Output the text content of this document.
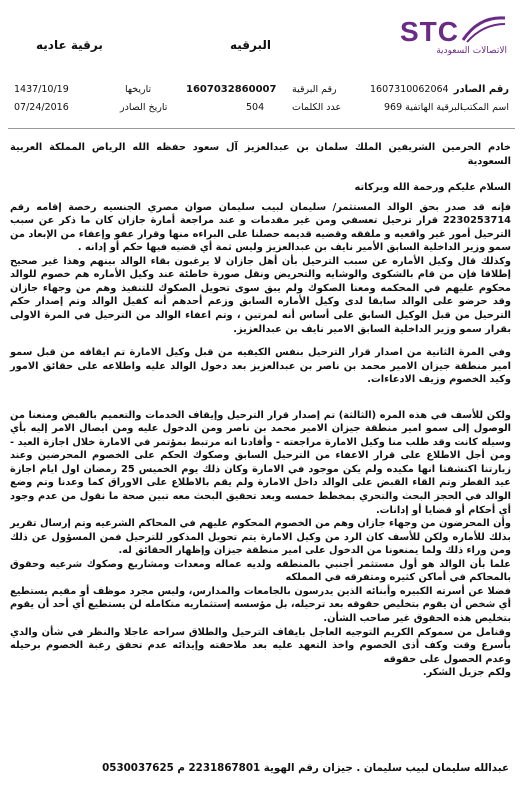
STC
الاتصالات السعودية
البرقيه
برقية عاديه
رقم الصادر
اسم المكتب
1607310062064
البرقية الهاتفية 969
رقم البرقية
عدد الكلمات
1607032860007
504
تاريخها
تاريخ الصادر
1437/10/19
07/24/2016

خادم الحرمين الشريفين الملك سلمان بن عبدالعزيز آل سعود حفظه الله الرياض المملكة العربية السعودية

السلام عليكم ورحمة الله وبركاته

فإنه قد صدر بحق الوالد المستثمر/ سليمان لبيب سليمان صوان مصري الجنسيه رخصة إقامه رقم 2230253714 قرار ترحيل تعسفي ومن غير مقدمات و عند مراجعة أمارة جازان كان ما ذكر عن سبب الترحيل أمور غير واقعيه و ملفقه وقضيه قديمه حصلنا على البراءه منها وقرار عفو وإعفاء من الإبعاد من سمو وزير الداخلية السابق الأمير نايف بن عبدالعزيز وليس ثمة أي قضيه فيها حكم أو إدانه .

وكذلك قال وكيل الأماره عن سبب الترحيل بأن أهل جازان لا يرغبون بقاء الوالد بينهم وهذا غير صحيح إطلاقا فإن من قام بالشكوى والوشايه والتحريض ونقل صورة خاطئة عند وكيل الأماره هم خصوم للوالد محكوم عليهم في المحكمه ومعنا الصكوك ولم يبق سوى تحويل الصكوك للتنفيذ وهم من وجهاء جازان وقد حرضو على الوالد سابقا لدى وكيل الأماره السابق وزعم أحدهم أنه كفيل الوالد وتم إصدار حكم الترحيل من قبل الوكيل السابق على أساس أنه لمرتين ، وتم اعفاء الوالد من الترحيل في المرة الاولى بقرار سمو وزير الداخلية السابق الامير نايف بن عبدالعزيز.

وفي المرة الثانية من اصدار قرار الترحيل بنفس الكيفيه من قبل وكيل الامارة تم ايقافه من قبل سمو امير منطقة جيزان الامير محمد بن ناصر بن عبدالعزيز بعد دخول الوالد عليه واطلاعه على حقائق الامور وكيد الخصوم وزيف الادعاءات.

ولكن للأسف في هذه المره (الثالثة) تم إصدار قرار الترحيل وإيقاف الخدمات والتعميم بالقبض ومنعنا من الوصول إلى سمو امير منطقة جيزان الامير محمد بن ناصر ومن الدخول عليه ومن ايصال الامر إليه بأي وسيله كانت وقد طلب منا وكيل الامارة مراجعته - وأفادنا انه مرتبط بمؤتمر في الامارة خلال اجازة العيد - ومن أجل الاطلاع على قرار الاعفاء من الترحيل السابق وصكوك الحكم على الخصوم المحرضين وعند زيارتنا اكتشفنا انها مكيده ولم يكن موجود في الامارة وكان ذلك يوم الخميس 25 رمضان اول ايام اجازة عيد الفطر وتم القاء القبض على الوالد داخل الامارة ولم يقم بالاطلاع على الاوراق كما وعدنا وتم وضع الوالد في الحجز البحث والتحري بمخطط خمسه وبعد تحقيق البحث معه تبين صحة ما نقول من عدم وجود أي أحكام أو قضايا أو إدانات.

وأن المحرضون من وجهاء جازان وهم من الخصوم المحكوم عليهم في المحاكم الشرعيه وتم إرسال تقرير بذلك للأماره ولكن للأسف كان الرد من وكيل الامارة يتم تحويل المذكور للترحيل فمن المسؤول عن ذلك ومن وراء ذلك ولما يمنعونا من الدخول على امير منطقة جيزان وإظهار الحقائق له.

علما بأن الوالد هو أول مستثمر أجنبي بالمنطقه ولديه عماله ومعدات ومشاريع وصكوك شرعيه وحقوق بالمحاكم في أماكن كثيره ومتفرقه في المملكه

فضلا عن أسرته الكبيره وأبنائه الذين يدرسون بالجامعات والمدارس، وليس مجرد موظف أو مقيم يستطيع أي شخص أن يقوم بتخليص حقوقه بعد ترحيله، بل مؤسسه إستثماريه متكامله لن يستطيع أي أحد أن يقوم بتخليص هذه الحقوق غير صاحب الشأن.

وقنامل من سموكم الكريم التوجيه العاجل بايقاف الترحيل والطلاق سراحه عاجلا والنظر في شأن والدي بأسرع وقت وكف أذى الخصوم واخذ التعهد عليه بعد ملاحقته وإيذائه عدم تحقق رغبة الخصوم برحيله وعدم الحصول على حقوقه

ولكم جزيل الشكر.

عبدالله سليمان لبيب سليمان . جيزان رقم الهوية 2231867801 م 0530037625
